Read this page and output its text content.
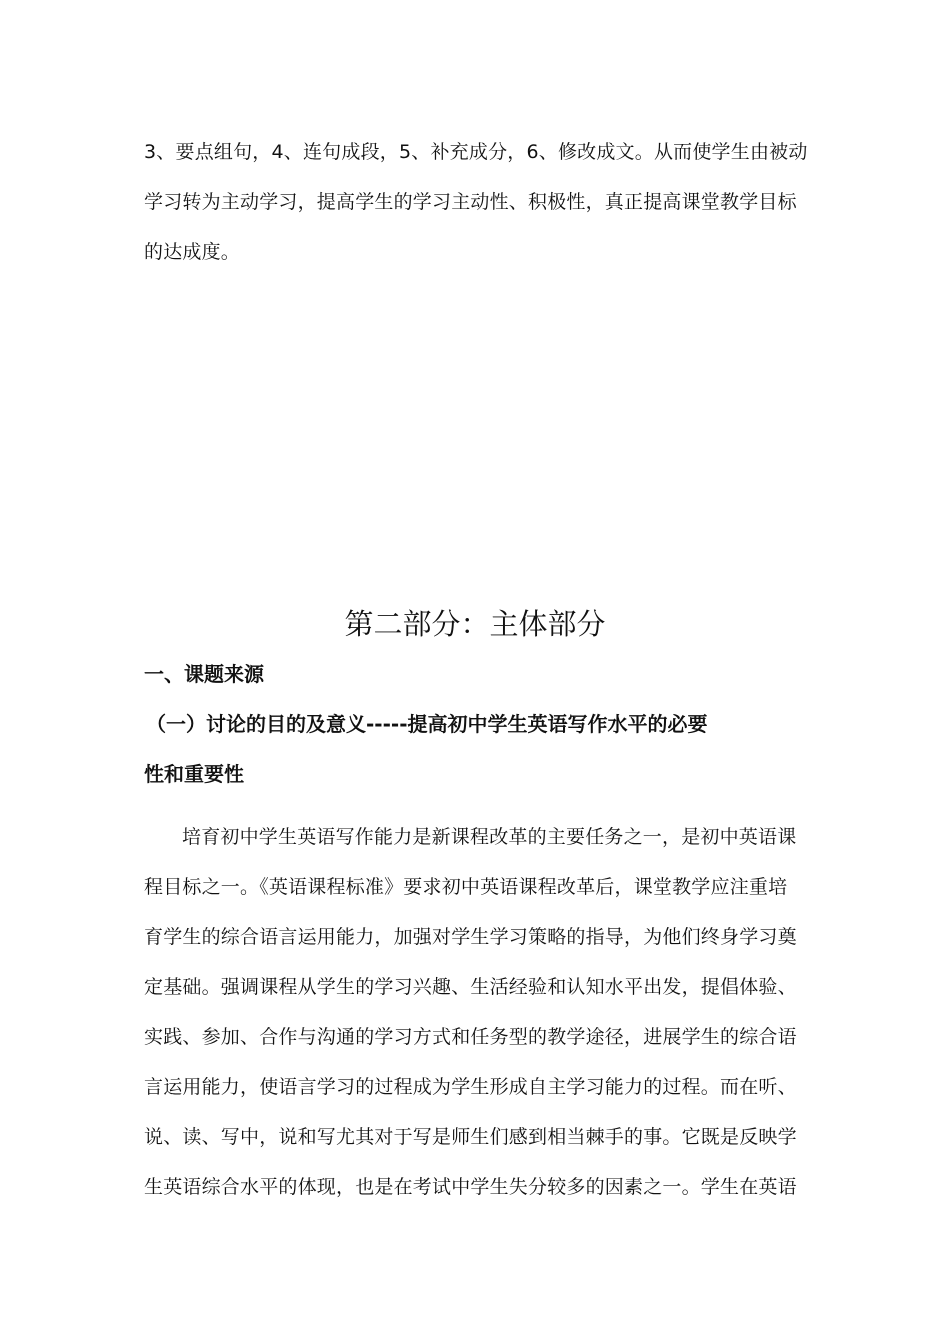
3、要点组句，4、连句成段，5、补充成分，6、修改成文。从而使学生由被动
学习转为主动学习，提高学生的学习主动性、积极性，真正提高课堂教学目标
的达成度。
第二部分：主体部分
一、课题来源
（一）讨论的目的及意义-----提高初中学生英语写作水平的必要
性和重要性
培育初中学生英语写作能力是新课程改革的主要任务之一，是初中英语课
程目标之一。《英语课程标准》要求初中英语课程改革后，课堂教学应注重培
育学生的综合语言运用能力，加强对学生学习策略的指导，为他们终身学习奠
定基础。强调课程从学生的学习兴趣、生活经验和认知水平出发，提倡体验、
实践、参加、合作与沟通的学习方式和任务型的教学途径，进展学生的综合语
言运用能力，使语言学习的过程成为学生形成自主学习能力的过程。而在听、
说、读、写中，说和写尤其对于写是师生们感到相当棘手的事。它既是反映学
生英语综合水平的体现，也是在考试中学生失分较多的因素之一。学生在英语
